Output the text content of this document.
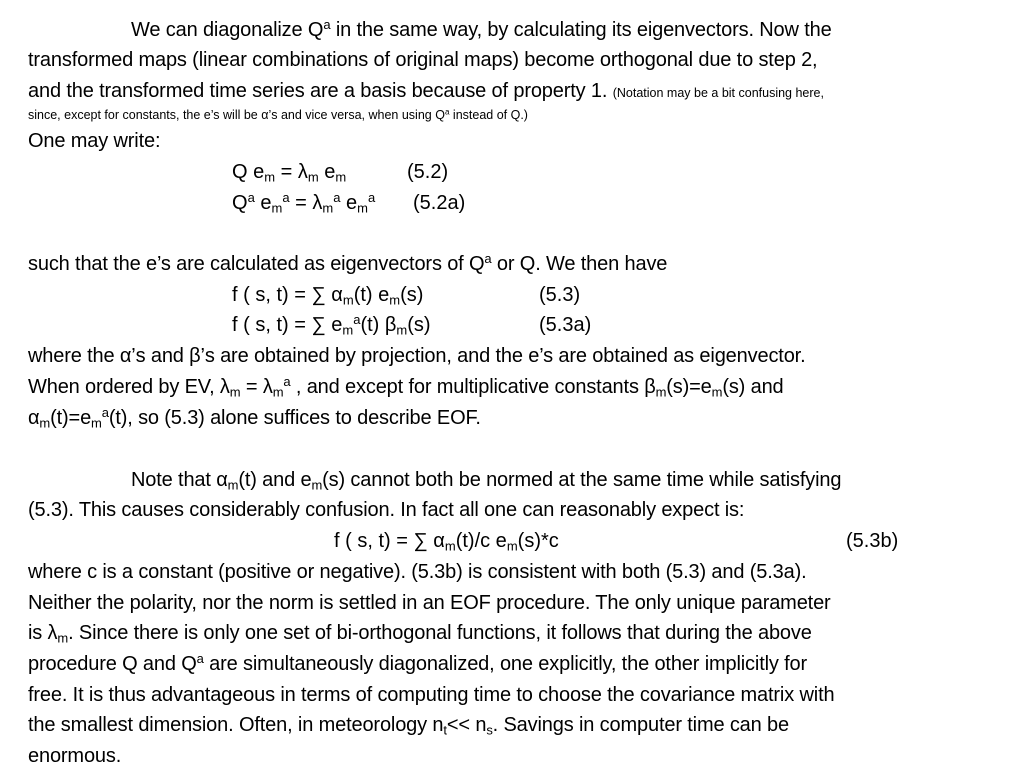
We can diagonalize $Q^a$ in the same way, by calculating its eigenvectors. Now the
transformed maps (linear combinations of original maps) become orthogonal due to step 2,
and the transformed time series are a basis because of property 1. (Notation may be a bit confusing here,
since, except for constants, the e’s will be α’s and vice versa, when using $Q^a$ instead of Q.)
One may write:
Q $e_m = \lambda_m$ $e_m$	(5.2)
$Q^a$ $e_m^a = \lambda_m^a$ $e_m^a$ (5.2a)
such that the e’s are calculated as eigenvectors of $Q^a$ or Q. We then have
f ( s, t) = ∑ $\alpha_m(t)$ $e_m(s)$	(5.3)
f ( s, t) = ∑ $e_m^a(t)$ $\beta_m(s)$	(5.3a)
where the α’s and β’s are obtained by projection, and the e’s are obtained as eigenvector.
When ordered by EV, $\lambda_m = \lambda_m^a$ , and except for multiplicative constants $\beta_m(s)=e_m(s)$ and
$\alpha_m(t)=e_m^a(t)$, so (5.3) alone suffices to describe EOF.
Note that $\alpha_m(t)$ and $e_m(s)$ cannot both be normed at the same time while satisfying
(5.3). This causes considerably confusion. In fact all one can reasonably expect is:
f ( s, t) = ∑ $\alpha_m(t)/c$ $e_m(s)*c$	(5.3b)
where c is a constant (positive or negative). (5.3b) is consistent with both (5.3) and (5.3a).
Neither the polarity, nor the norm is settled in an EOF procedure. The only unique parameter
is $\lambda_m$. Since there is only one set of bi-orthogonal functions, it follows that during the above
procedure Q and $Q^a$ are simultaneously diagonalized, one explicitly, the other implicitly for
free. It is thus advantageous in terms of computing time to choose the covariance matrix with
the smallest dimension. Often, in meteorology $n_t<< n_s$. Savings in computer time can be
enormous.
